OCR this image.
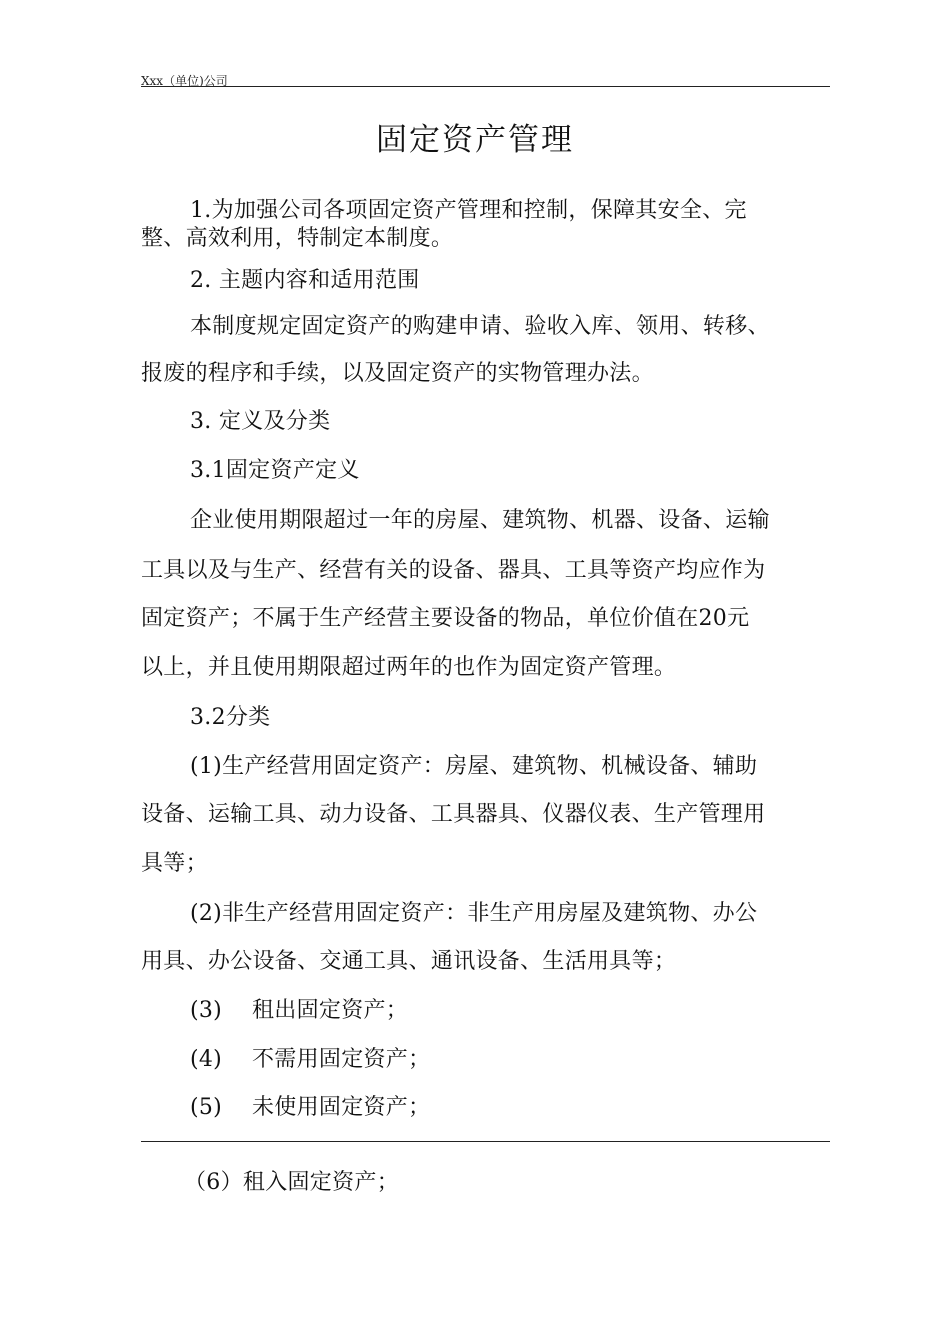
Xxx（单位)公司
固定资产管理
1.为加强公司各项固定资产管理和控制，保障其安全、完
整、高效利用，特制定本制度。
2. 主题内容和适用范围
本制度规定固定资产的购建申请、验收入库、领用、转移、
报废的程序和手续，以及固定资产的实物管理办法。
3. 定义及分类
3.1固定资产定义
企业使用期限超过一年的房屋、建筑物、机器、设备、运输
工具以及与生产、经营有关的设备、器具、工具等资产均应作为
固定资产；不属于生产经营主要设备的物品，单位价值在20元
以上，并且使用期限超过两年的也作为固定资产管理。
3.2分类
(1)生产经营用固定资产：房屋、建筑物、机械设备、辅助
设备、运输工具、动力设备、工具器具、仪器仪表、生产管理用
具等；
(2)非生产经营用固定资产：非生产用房屋及建筑物、办公
用具、办公设备、交通工具、通讯设备、生活用具等；
(3) 租出固定资产；
(4) 不需用固定资产；
(5) 未使用固定资产；
（6）租入固定资产；
